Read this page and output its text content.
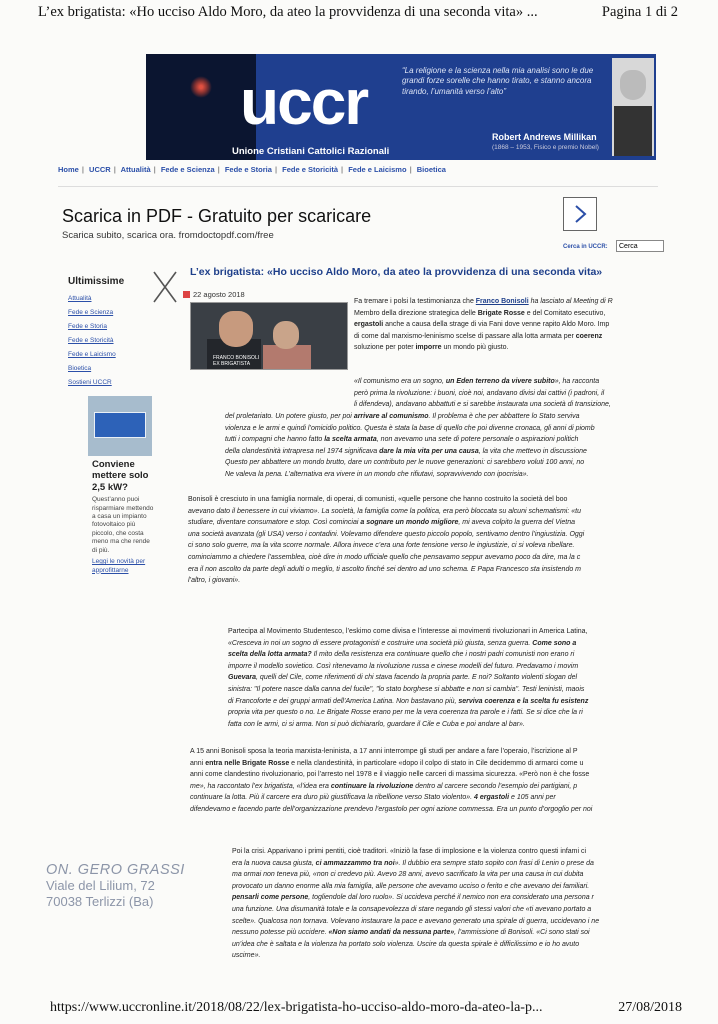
L’ex brigatista: «Ho ucciso Aldo Moro, da ateo la provvidenza di una seconda vita» ...	Pagina 1 di 2
uccr
Unione Cristiani Cattolici Razionali
“La religione e la scienza nella mia analisi sono le due grandi forze sorelle che hanno tirato, e stanno ancora tirando, l’umanità verso l’alto”
Robert Andrews Millikan
(1868 – 1953, Fisico e premio Nobel)
Home | UCCR | Attualità | Fede e Scienza | Fede e Storia | Fede e Storicità | Fede e Laicismo | Bioetica
Scarica in PDF - Gratuito per scaricare
Scarica subito, scarica ora. fromdoctopdf.com/free
Cerca in UCCR:
Cerca
Ultimissime
Attualità
Fede e Scienza
Fede e Storia
Fede e Storicità
Fede e Laicismo
Bioetica
Sostieni UCCR
Conviene mettere solo 2,5 kW?
Quest’anno puoi risparmiare mettendo a casa un impianto fotovoltaico più piccolo, che costa meno ma che rende di più.
Leggi le novità per approfittarne
L’ex brigatista: «Ho ucciso Aldo Moro, da ateo la provvidenza di una seconda vita»
22 agosto 2018
FRANCO BONISOLI
EX BRIGATISTA
Fa tremare i polsi la testimonianza che Franco Bonisoli ha lasciato al Meeting di R
Membro della direzione strategica delle Brigate Rosse e del Comitato esecutivo,
ergastoli anche a causa della strage di via Fani dove venne rapito Aldo Moro. Imp
di come dal marxismo-leninismo scelse di passare alla lotta armata per coerenz
soluzione per poter imporre un mondo più giusto.
«Il comunismo era un sogno, un Eden terreno da vivere subito», ha racconta
però prima la rivoluzione: i buoni, cioè noi, andavano divisi dai cattivi (i padroni, il
li difendeva), andavano abbattuti e si sarebbe instaurata una società di transizione,
del proletariato. Un potere giusto, per poi arrivare al comunismo. Il problema è che per abbattere lo Stato serviva
violenza e le armi e quindi l’omicidio politico. Questa è stata la base di quello che poi divenne cronaca, gli anni di piomb
tutti i compagni che hanno fatto la scelta armata, non avevamo una sete di potere personale o aspirazioni politich
della clandestinità intrapresa nel 1974 significava dare la mia vita per una causa, la vita che mettevo in discussione
Questo per abbattere un mondo brutto, dare un contributo per le nuove generazioni: ci sarebbero voluti 100 anni, no
Ne valeva la pena. L’alternativa era vivere in un mondo che rifiutavi, sopravvivendo con ipocrisia».
Bonisoli è cresciuto in una famiglia normale, di operai, di comunisti, «quelle persone che hanno costruito la società del boo
avevano dato il benessere in cui viviamo». La società, la famiglia come la politica, era però bloccata su alcuni schematismi: «tu
studiare, diventare consumatore e stop. Così cominciai a sognare un mondo migliore, mi aveva colpito la guerra del Vietna
una società avanzata (gli USA) verso i contadini. Volevamo difendere questo piccolo popolo, sentivamo dentro l’ingiustizia. Oggi
ci sono solo guerre, ma la vita scorre normale. Allora invece c’era una forte tensione verso le ingiustizie, ci si voleva ribellare.
cominciammo a chiedere l’assemblea, cioè dire in modo ufficiale quello che pensavamo seppur avevamo poco da dire, ma la c
era il non ascolto da parte degli adulti o meglio, ti ascolto finché sei dentro ad uno schema. E Papa Francesco sta insistendo m
l’altro, i giovani».
Partecipa al Movimento Studentesco, l’eskimo come divisa e l’interesse ai movimenti rivoluzionari in America Latina,
«Cresceva in noi un sogno di essere protagonisti e costruire una società più giusta, senza guerra. Come sono a
scelta della lotta armata? Il mito della resistenza era continuare quello che i nostri padri comunisti non erano ri
imporre il modello sovietico. Così ritenevamo la rivoluzione russa e cinese modelli del futuro. Predavamo i movim
Guevara, quelli del Cile, come riferimenti di chi stava facendo la propria parte. E noi? Soltanto violenti slogan del
sinistra: "Il potere nasce dalla canna del fucile", "lo stato borghese si abbatte e non si cambia". Testi leninisti, maois
di Francoforte e dei gruppi armati dell’America Latina. Non bastavano più, serviva coerenza e la scelta fu esistenz
propria vita per questo o no. Le Brigate Rosse erano per me la vera coerenza tra parole e i fatti. Se si dice che la ri
fatta con le armi, ci si arma. Non si può dichiararlo, guardare il Cile e Cuba e poi andare al bar».
A 15 anni Bonisoli sposa la teoria marxista-leninista, a 17 anni interrompe gli studi per andare a fare l’operaio, l’iscrizione al P
anni entra nelle Brigate Rosse e nella clandestinità, in particolare «dopo il colpo di stato in Cile decidemmo di armarci come u
anni come clandestino rivoluzionario, poi l’arresto nel 1978 e il viaggio nelle carceri di massima sicurezza. «Però non è che fosse
me», ha raccontato l’ex brigatista, «l’idea era continuare la rivoluzione dentro al carcere secondo l’esempio dei partigiani, p
continuare la lotta. Più il carcere era duro più giustificava la ribellione verso Stato violento». 4 ergastoli e 105 anni per
difendevamo e facendo parte dell’organizzazione prendevo l’ergastolo per ogni azione commessa. Era un punto d’orgoglio per noi
Poi la crisi. Apparivano i primi pentiti, cioè traditori. «Iniziò la fase di implosione e la violenza contro questi infami ci
era la nuova causa giusta, ci ammazzammo tra noi». Il dubbio era sempre stato sopito con frasi di Lenin o prese da
ma ormai non teneva più, «non ci credevo più. Avevo 28 anni, avevo sacrificato la vita per una causa in cui dubita
provocato un danno enorme alla mia famiglia, alle persone che avevamo ucciso o ferito e che avevano dei familiari.
pensarli come persone, togliendole dal loro ruolo». Si uccideva perché il nemico non era considerato una persona r
una funzione. Una disumanità totale e la consapevolezza di stare negando gli stessi valori che «ti avevano portato a
scelte». Qualcosa non tornava. Volevano instaurare la pace e avevano generato una spirale di guerra, uccidevano i ne
nessuno potesse più uccidere. «Non siamo andati da nessuna parte», l’ammissione di Bonisoli. «Ci sono stati soi
un’idea che è saltata e la violenza ha portato solo violenza. Uscire da questa spirale è difficilissimo e io ho avuto
uscirne».
ON. GERO GRASSI
Viale del Lilium, 72
70038 Terlizzi (Ba)
https://www.uccronline.it/2018/08/22/lex-brigatista-ho-ucciso-aldo-moro-da-ateo-la-p...	27/08/2018
